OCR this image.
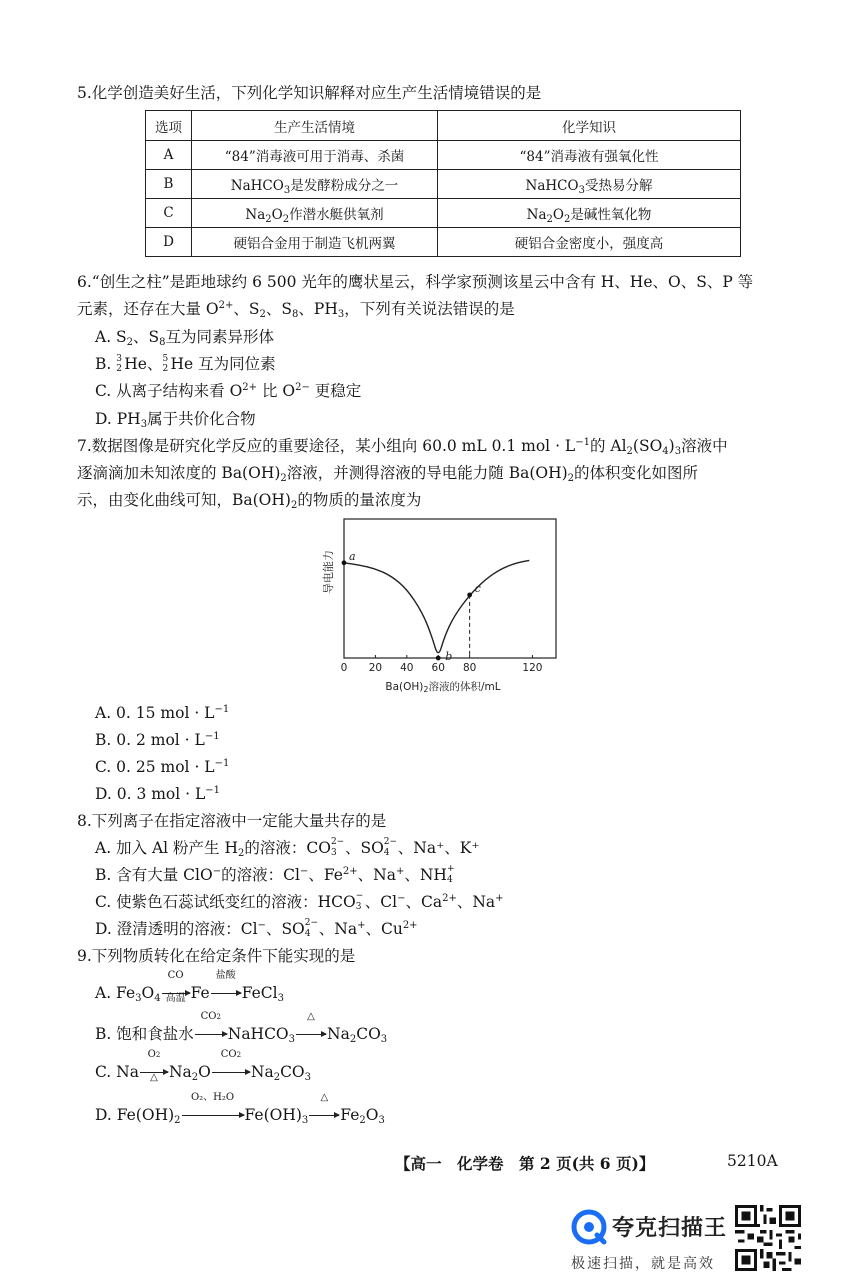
5.化学创造美好生活，下列化学知识解释对应生产生活情境错误的是
选项	生产生活情境	化学知识
A	“84”消毒液可用于消毒、杀菌	“84”消毒液有强氧化性
B	NaHCO$_3$是发酵粉成分之一	NaHCO$_3$受热易分解
C	$Na_2O_2$作潜水艇供氧剂	$Na_2O_2$是碱性氧化物
D	硬铝合金用于制造飞机两翼	硬铝合金密度小，强度高
6.“创生之柱”是距地球约 6 500 光年的鹰状星云，科学家预测该星云中含有 H、He、O、S、P 等
元素，还存在大量 $O^{2+}$、$S_2$、$S_8$、$PH_3$，下列有关说法错误的是
A. $S_2$、$S_8$互为同素异形体
B. 3
2 He、 5
2 He 互为同位素
C. 从离子结构来看 $O^{2+}$ 比 $O^{2-}$ 更稳定
D. $PH_3$属于共价化合物
7.数据图像是研究化学反应的重要途径，某小组向 60.0 mL 0.1 mol · $L^{-1}$的 $Al_2(SO_4)_3$溶液中
逐滴滴加未知浓度的 $Ba(OH)_2$溶液，并测得溶液的导电能力随 $Ba(OH)_2$的体积变化如图所
示，由变化曲线可知，$Ba(OH)_2$的物质的量浓度为
0 20 40 60 80	120
a
b
c
导电能力
Ba(OH)2溶液的体积/mL
A. 0. 15 mol · $L^{-1}$
B. 0. 2 mol · $L^{-1}$
C. 0. 25 mol · $L^{-1}$
D. 0. 3 mol · $L^{-1}$
8.下列离子在指定溶液中一定能大量共存的是
A. 加入 Al 粉产生 $H_2$的溶液：CO 2−
3 、SO 2−
4 、Na⁺、K⁺
B. 含有大量 ClO−的溶液：Cl−、$Fe^{2+}$、Na+、NH +
4
C. 使紫色石蕊试纸变红的溶液：HCO −
3 、Cl−、$Ca^{2+}$、Na+
D. 澄清透明的溶液：Cl−、SO 2−
4 、Na+、$Cu^{2+}$
9.下列物质转化在给定条件下能实现的是
A. $Fe_3O_4$
CO
高温 Fe
盐酸
FeCl$_3$
B. 饱和食盐水
CO2
NaHCO$_3$
△
$Na_2CO_3$
C. Na
O2
△ $Na_2O$
CO2
$Na_2CO_3$
D. $Fe(OH)_2$
O₂、H₂O
$Fe(OH)_3$
△
$Fe_2O_3$
【高一　化学卷　第 2 页(共 6 页)】	5210A
夸克扫描王
极速扫描，就是高效
